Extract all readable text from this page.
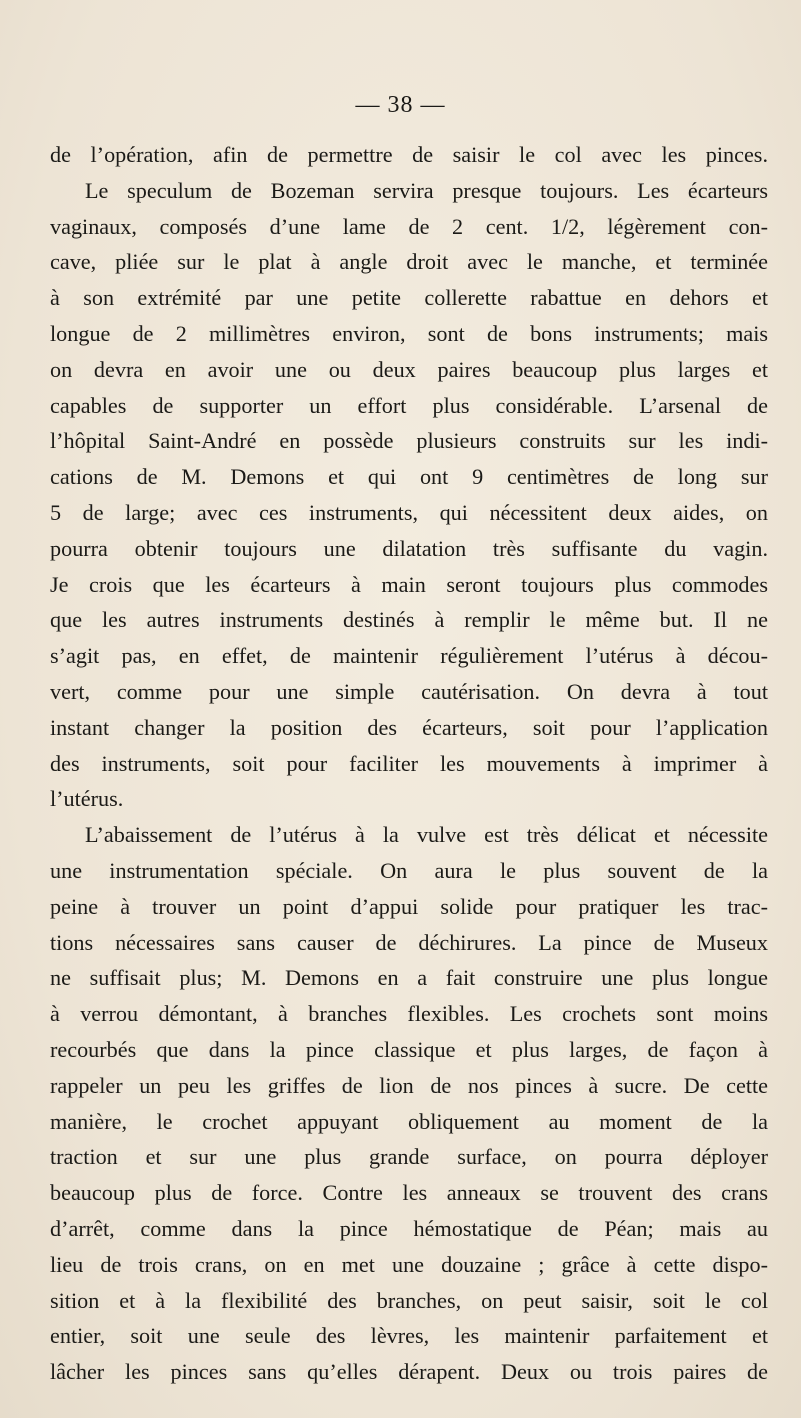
— 38 —
de l’opération, afin de permettre de saisir le col avec les pinces.
Le speculum de Bozeman servira presque toujours. Les écarteurs
vaginaux, composés d’une lame de 2 cent. 1/2, légèrement con-
cave, pliée sur le plat à angle droit avec le manche, et terminée
à son extrémité par une petite collerette rabattue en dehors et
longue de 2 millimètres environ, sont de bons instruments; mais
on devra en avoir une ou deux paires beaucoup plus larges et
capables de supporter un effort plus considérable. L’arsenal de
l’hôpital Saint-André en possède plusieurs construits sur les indi-
cations de M. Demons et qui ont 9 centimètres de long sur
5 de large; avec ces instruments, qui nécessitent deux aides, on
pourra obtenir toujours une dilatation très suffisante du vagin.
Je crois que les écarteurs à main seront toujours plus commodes
que les autres instruments destinés à remplir le même but. Il ne
s’agit pas, en effet, de maintenir régulièrement l’utérus à décou-
vert, comme pour une simple cautérisation. On devra à tout
instant changer la position des écarteurs, soit pour l’application
des instruments, soit pour faciliter les mouvements à imprimer à
l’utérus.
L’abaissement de l’utérus à la vulve est très délicat et nécessite
une instrumentation spéciale. On aura le plus souvent de la
peine à trouver un point d’appui solide pour pratiquer les trac-
tions nécessaires sans causer de déchirures. La pince de Museux
ne suffisait plus; M. Demons en a fait construire une plus longue
à verrou démontant, à branches flexibles. Les crochets sont moins
recourbés que dans la pince classique et plus larges, de façon à
rappeler un peu les griffes de lion de nos pinces à sucre. De cette
manière, le crochet appuyant obliquement au moment de la
traction et sur une plus grande surface, on pourra déployer
beaucoup plus de force. Contre les anneaux se trouvent des crans
d’arrêt, comme dans la pince hémostatique de Péan; mais au
lieu de trois crans, on en met une douzaine ; grâce à cette dispo-
sition et à la flexibilité des branches, on peut saisir, soit le col
entier, soit une seule des lèvres, les maintenir parfaitement et
lâcher les pinces sans qu’elles dérapent. Deux ou trois paires de
